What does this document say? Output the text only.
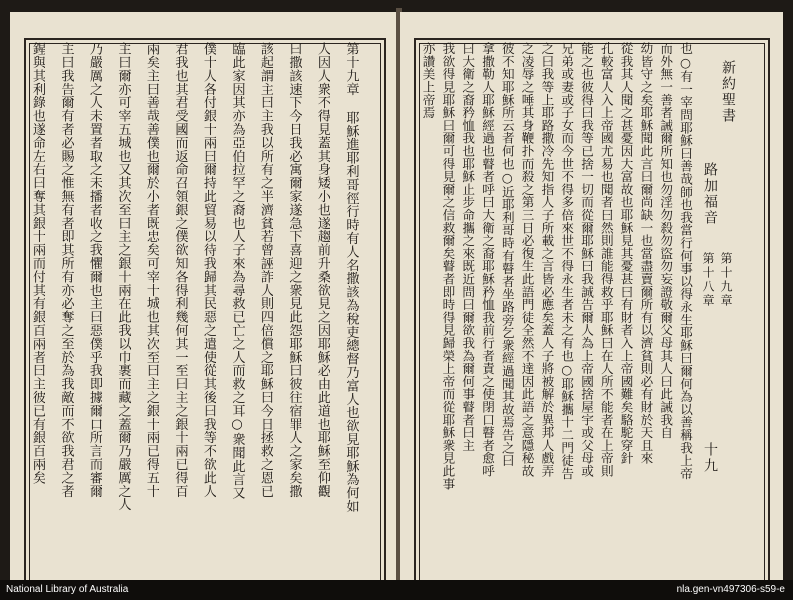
鍟與其利錄也遂命左右曰奪其銀十兩而付其有銀百兩者曰主彼已有銀百兩矣 主曰我告爾有者必賜之惟無有者即其所有亦必奪之至於為我敵而不欲我君之者 乃嚴厲之人未置者取之未播者收之我懼爾也主曰惡僕乎我即據爾口所言而審爾 主曰爾亦可宰五城也又其次至曰主之銀十兩在此我以巾裹而藏之蓋爾乃嚴厲之人 兩矣主曰善哉善僕也爾於小者既忠矣可宰十城也其次至曰主之銀十兩已得五十 君我也其君受國而返命召領銀之僕欲知各得利幾何其一至曰主之銀十兩已得百 僕十人各付銀十兩曰爾持此貿易以待我歸其民惡之遣使從其後曰我等不欲此人 臨此家因其亦為亞伯拉罕之裔也人子來為尋救已亡之人而救之耳○衆聞此言又 該起謂主曰主我以所有之半濟貧若曾誣詐人則四倍償之耶穌曰今日拯救之恩已 曰撒該速下今日我必寓爾家遂急下喜迎之衆見此怨耶穌曰彼往宿罪人之家矣撒 人因人衆不得見蓋其身矮小也遂趨前升桑欲見之因耶穌必由此道也耶穌至仰觀 第十九章 耶穌進耶利哥徑行時有人名撒該為稅吏總督乃富人也欲見耶穌為何如	新約聖書
路加福音
第十八章 第十九章
十九
也○有一宰問耶穌曰善哉師也我當行何事以得永生耶穌曰爾何為以善稱我上帝
而外無一善者誡爾所知也勿淫勿殺勿盜勿妄證敬爾父母其人曰此誡我自
幼皆守之矣耶穌聞此言曰爾尚缺一也當盡賣爾所有以濟貧則必有財於天且來
從我其人聞之甚憂因大富故也耶穌見其憂甚曰有財者入上帝國難矣駱駝穿針
孔較富人入上帝國尤易也聞者曰然則誰能得救乎耶穌曰在人所不能者在上帝則
能之也彼得曰我等已捨一切而從爾耶穌曰我誠告爾人為上帝國捨屋宇或父母或
兄弟或妻或子女而今世不得多倍來世不得永生者未之有也○耶穌攜十二門徒告
之曰我等上耶路撒冷先知指人子所載之言皆必應矣蓋人子將被解於異邦人戲弄
之凌辱之唾其身鞭扑而殺之第三日必復生此語門徒全然不達因此語之意隱秘故
彼不知耶穌所云者何也○近耶利哥時有瞽者坐路旁乞衆經過聞其故焉告之曰
拿撒勒人耶穌經過也瞽者呼曰大衛之裔耶穌矜恤我前行者責之使閉口瞽者愈呼
曰大衛之裔矜恤我也耶穌止步命攜之來既近問曰爾欲我為爾何事瞽者曰主
我欲得見耶穌曰爾可得見爾之信救爾矣瞽者即時得見歸榮上帝而從耶穌衆見此事
亦讚美上帝焉
National Library of Australia	nla.gen-vn497306-s59-e
